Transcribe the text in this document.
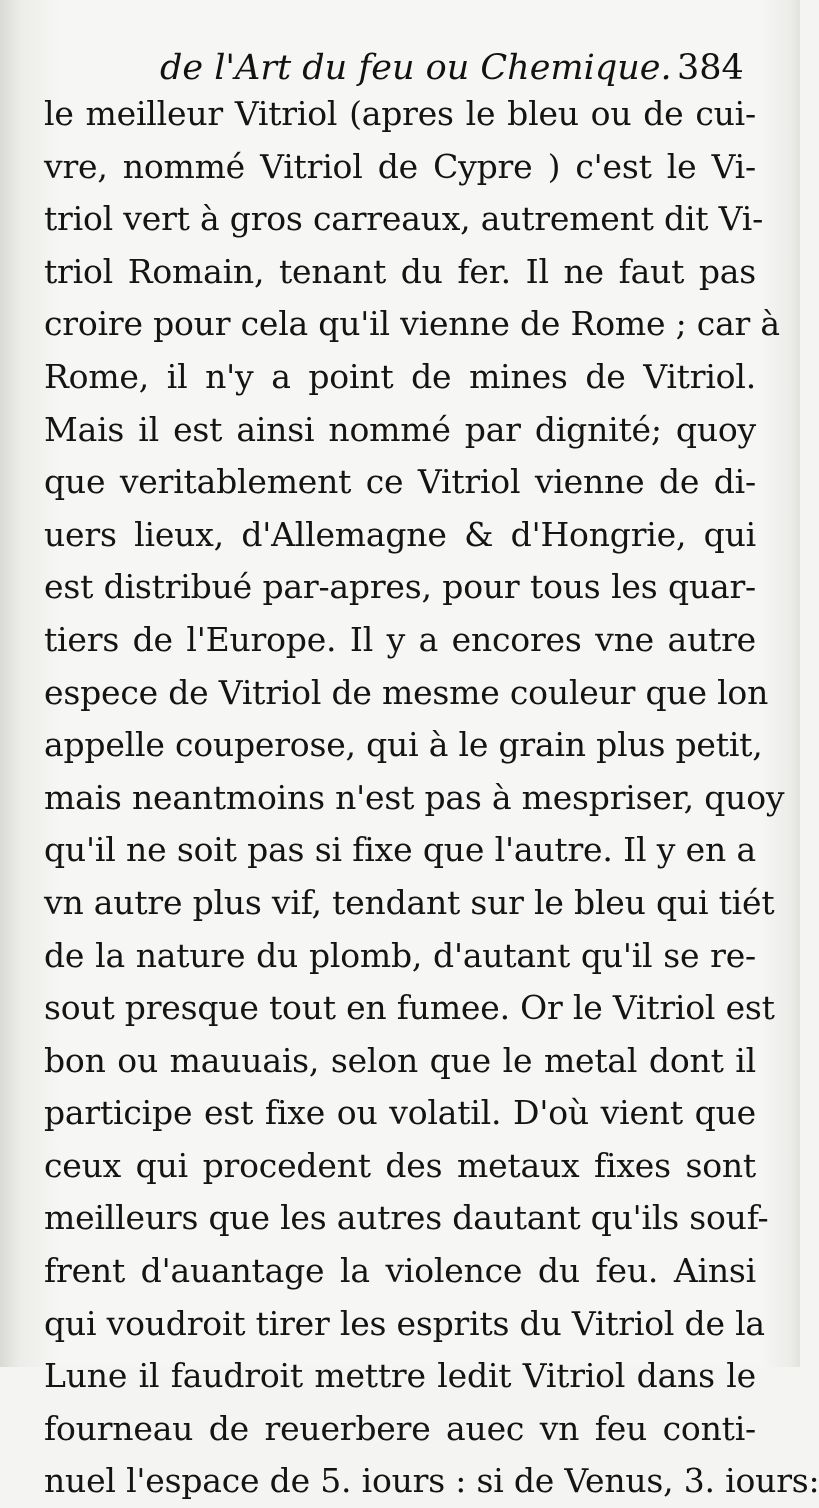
de l'Art du feu ou Chemique. 384
le meilleur Vitriol (apres le bleu ou de cui-
vre, nommé Vitriol de Cypre ) c'est le Vi-
triol vert à gros carreaux, autrement dit Vi-
triol Romain, tenant du fer. Il ne faut pas
croire pour cela qu'il vienne de Rome ; car à
Rome, il n'y a point de mines de Vitriol.
Mais il est ainsi nommé par dignité; quoy
que veritablement ce Vitriol vienne de di-
uers lieux, d'Allemagne & d'Hongrie, qui
est distribué par-apres, pour tous les quar-
tiers de l'Europe. Il y a encores vne autre
espece de Vitriol de mesme couleur que lon
appelle couperose, qui à le grain plus petit,
mais neantmoins n'est pas à mespriser, quoy
qu'il ne soit pas si fixe que l'autre. Il y en a
vn autre plus vif, tendant sur le bleu qui tiét
de la nature du plomb, d'autant qu'il se re-
sout presque tout en fumee. Or le Vitriol est
bon ou mauuais, selon que le metal dont il
participe est fixe ou volatil. D'où vient que
ceux qui procedent des metaux fixes sont
meilleurs que les autres dautant qu'ils souf-
frent d'auantage la violence du feu. Ainsi
qui voudroit tirer les esprits du Vitriol de la
Lune il faudroit mettre ledit Vitriol dans le
fourneau de reuerbere auec vn feu conti-
nuel l'espace de 5. iours : si de Venus, 3. iours:
